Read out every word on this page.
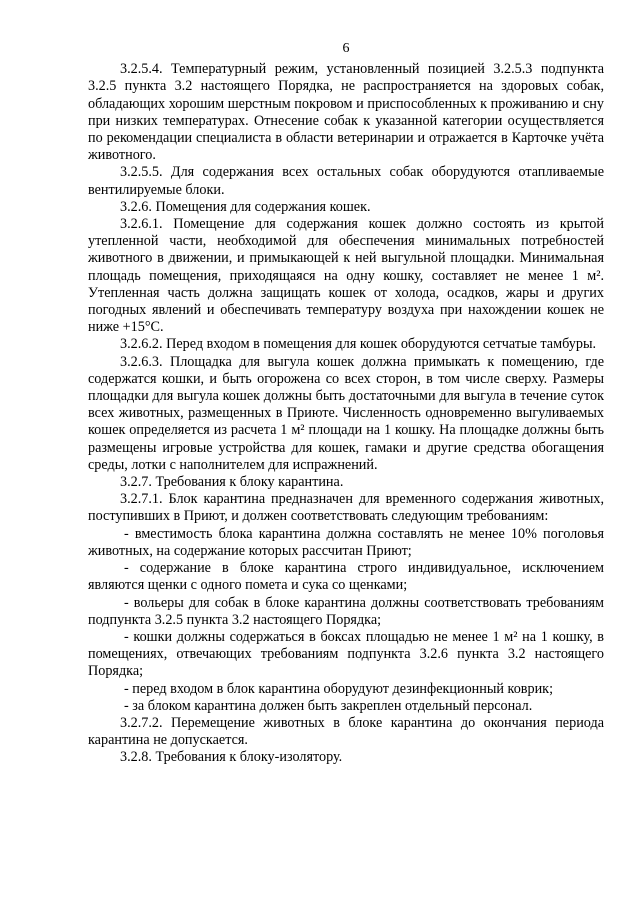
6

3.2.5.4. Температурный режим, установленный позицией 3.2.5.3 подпункта 3.2.5 пункта 3.2 настоящего Порядка, не распространяется на здоровых собак, обладающих хорошим шерстным покровом и приспособленных к проживанию и сну при низких температурах. Отнесение собак к указанной категории осуществляется по рекомендации специалиста в области ветеринарии и отражается в Карточке учёта животного.

3.2.5.5. Для содержания всех остальных собак оборудуются отапливаемые вентилируемые блоки.

3.2.6. Помещения для содержания кошек.

3.2.6.1. Помещение для содержания кошек должно состоять из крытой утепленной части, необходимой для обеспечения минимальных потребностей животного в движении, и примыкающей к ней выгульной площадки. Минимальная площадь помещения, приходящаяся на одну кошку, составляет не менее 1 м². Утепленная часть должна защищать кошек от холода, осадков, жары и других погодных явлений и обеспечивать температуру воздуха при нахождении кошек не ниже +15°С.

3.2.6.2. Перед входом в помещения для кошек оборудуются сетчатые тамбуры.

3.2.6.3. Площадка для выгула кошек должна примыкать к помещению, где содержатся кошки, и быть огорожена со всех сторон, в том числе сверху. Размеры площадки для выгула кошек должны быть достаточными для выгула в течение суток всех животных, размещенных в Приюте. Численность одновременно выгуливаемых кошек определяется из расчета 1 м² площади на 1 кошку. На площадке должны быть размещены игровые устройства для кошек, гамаки и другие средства обогащения среды, лотки с наполнителем для испражнений.

3.2.7. Требования к блоку карантина.

3.2.7.1. Блок карантина предназначен для временного содержания животных, поступивших в Приют, и должен соответствовать следующим требованиям:

- вместимость блока карантина должна составлять не менее 10% поголовья животных, на содержание которых рассчитан Приют;

- содержание в блоке карантина строго индивидуальное, исключением являются щенки с одного помета и сука со щенками;

- вольеры для собак в блоке карантина должны соответствовать требованиям подпункта 3.2.5 пункта 3.2 настоящего Порядка;

- кошки должны содержаться в боксах площадью не менее 1 м² на 1 кошку, в помещениях, отвечающих требованиям подпункта 3.2.6 пункта 3.2 настоящего Порядка;

- перед входом в блок карантина оборудуют дезинфекционный коврик;

- за блоком карантина должен быть закреплен отдельный персонал.

3.2.7.2. Перемещение животных в блоке карантина до окончания периода карантина не допускается.

3.2.8. Требования к блоку-изолятору.
